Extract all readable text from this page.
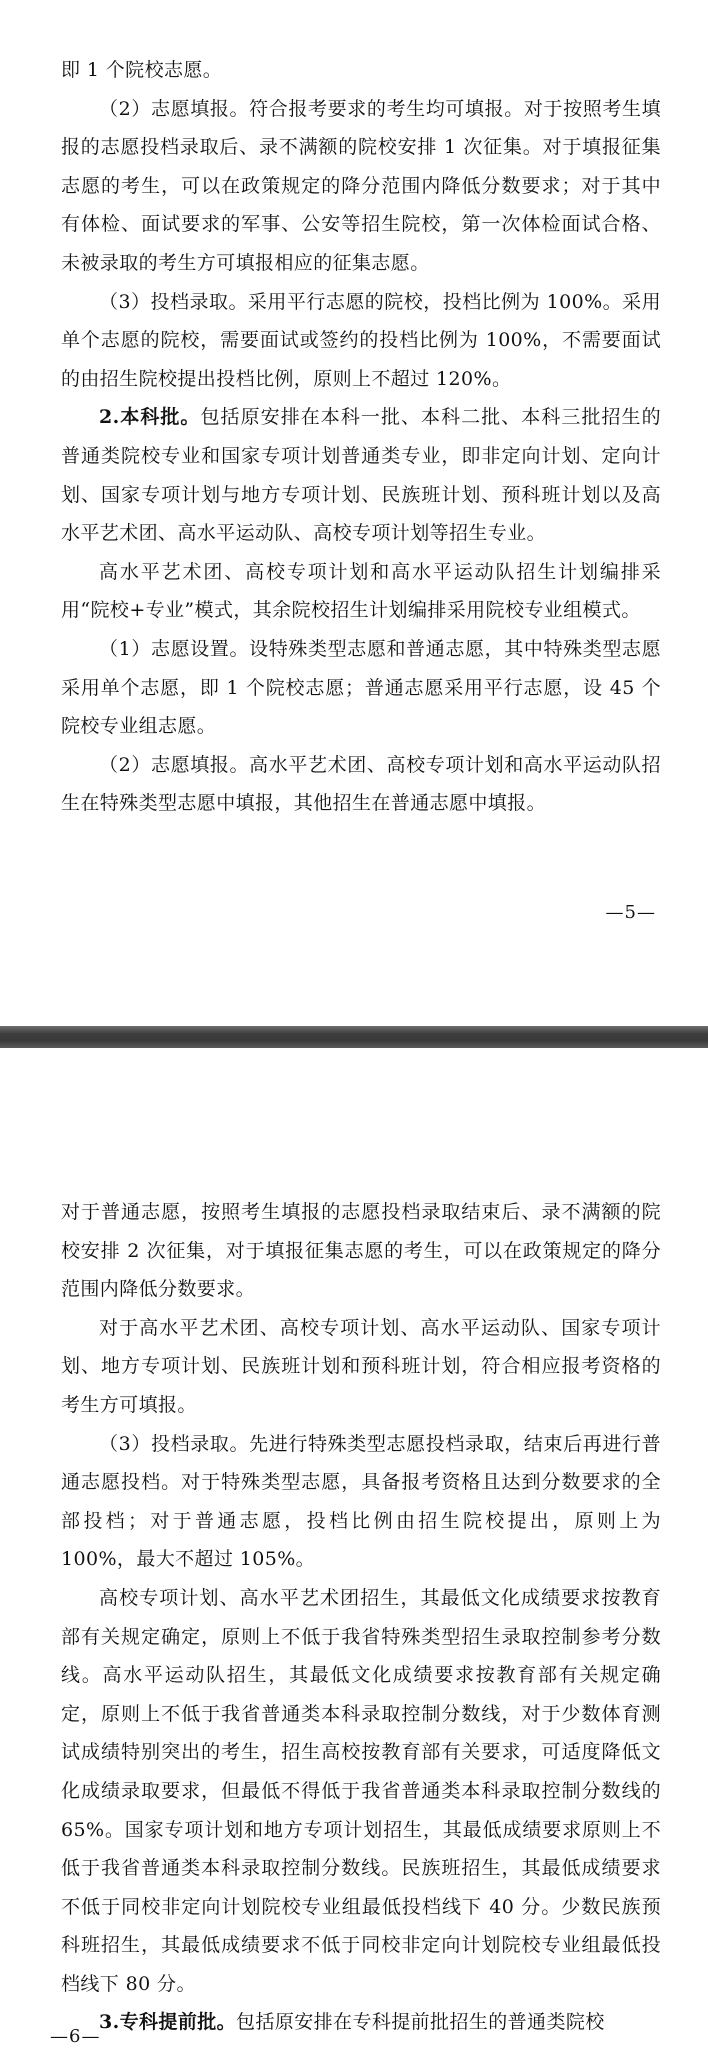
即 1 个院校志愿。

（2）志愿填报。符合报考要求的考生均可填报。对于按照考生填报的志愿投档录取后、录不满额的院校安排 1 次征集。对于填报征集志愿的考生，可以在政策规定的降分范围内降低分数要求；对于其中有体检、面试要求的军事、公安等招生院校，第一次体检面试合格、未被录取的考生方可填报相应的征集志愿。

（3）投档录取。采用平行志愿的院校，投档比例为 100%。采用单个志愿的院校，需要面试或签约的投档比例为 100%，不需要面试的由招生院校提出投档比例，原则上不超过 120%。

2.本科批。包括原安排在本科一批、本科二批、本科三批招生的普通类院校专业和国家专项计划普通类专业，即非定向计划、定向计划、国家专项计划与地方专项计划、民族班计划、预科班计划以及高水平艺术团、高水平运动队、高校专项计划等招生专业。

高水平艺术团、高校专项计划和高水平运动队招生计划编排采用“院校+专业”模式，其余院校招生计划编排采用院校专业组模式。

（1）志愿设置。设特殊类型志愿和普通志愿，其中特殊类型志愿采用单个志愿，即 1 个院校志愿；普通志愿采用平行志愿，设 45 个院校专业组志愿。

（2）志愿填报。高水平艺术团、高校专项计划和高水平运动队招生在特殊类型志愿中填报，其他招生在普通志愿中填报。

—5—

对于普通志愿，按照考生填报的志愿投档录取结束后、录不满额的院校安排 2 次征集，对于填报征集志愿的考生，可以在政策规定的降分范围内降低分数要求。

对于高水平艺术团、高校专项计划、高水平运动队、国家专项计划、地方专项计划、民族班计划和预科班计划，符合相应报考资格的考生方可填报。

（3）投档录取。先进行特殊类型志愿投档录取，结束后再进行普通志愿投档。对于特殊类型志愿，具备报考资格且达到分数要求的全部投档；对于普通志愿，投档比例由招生院校提出，原则上为 100%，最大不超过 105%。

高校专项计划、高水平艺术团招生，其最低文化成绩要求按教育部有关规定确定，原则上不低于我省特殊类型招生录取控制参考分数线。高水平运动队招生，其最低文化成绩要求按教育部有关规定确定，原则上不低于我省普通类本科录取控制分数线，对于少数体育测试成绩特别突出的考生，招生高校按教育部有关要求，可适度降低文化成绩录取要求，但最低不得低于我省普通类本科录取控制分数线的 65%。国家专项计划和地方专项计划招生，其最低成绩要求原则上不低于我省普通类本科录取控制分数线。民族班招生，其最低成绩要求不低于同校非定向计划院校专业组最低投档线下 40 分。少数民族预科班招生，其最低成绩要求不低于同校非定向计划院校专业组最低投档线下 80 分。

3.专科提前批。包括原安排在专科提前批招生的普通类院校

—6—
